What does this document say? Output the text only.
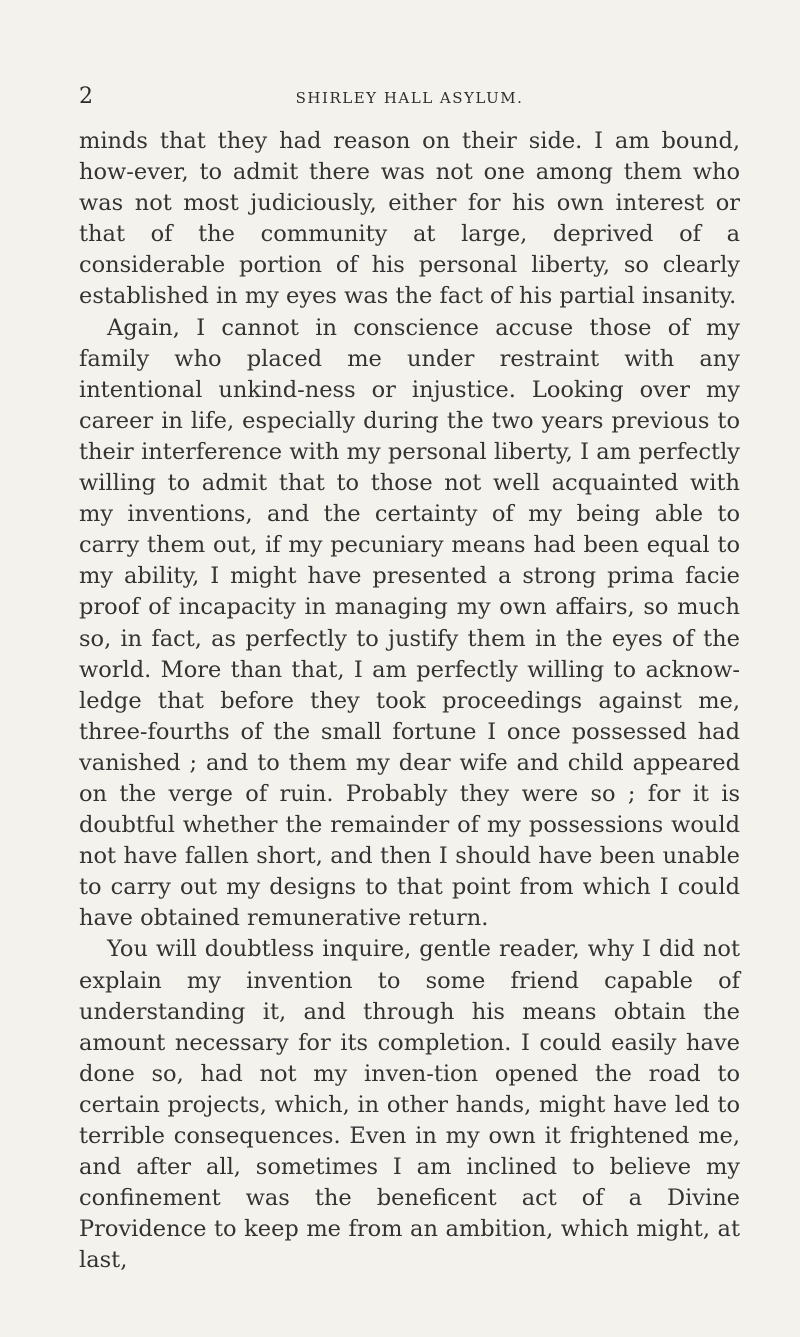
2	SHIRLEY HALL ASYLUM.

minds that they had reason on their side. I am bound, how-ever, to admit there was not one among them who was not most judiciously, either for his own interest or that of the community at large, deprived of a considerable portion of his personal liberty, so clearly established in my eyes was the fact of his partial insanity.

Again, I cannot in conscience accuse those of my family who placed me under restraint with any intentional unkind-ness or injustice. Looking over my career in life, especially during the two years previous to their interference with my personal liberty, I am perfectly willing to admit that to those not well acquainted with my inventions, and the certainty of my being able to carry them out, if my pecuniary means had been equal to my ability, I might have presented a strong prima facie proof of incapacity in managing my own affairs, so much so, in fact, as perfectly to justify them in the eyes of the world. More than that, I am perfectly willing to acknow-ledge that before they took proceedings against me, three-fourths of the small fortune I once possessed had vanished ; and to them my dear wife and child appeared on the verge of ruin. Probably they were so ; for it is doubtful whether the remainder of my possessions would not have fallen short, and then I should have been unable to carry out my designs to that point from which I could have obtained remunerative return.

You will doubtless inquire, gentle reader, why I did not explain my invention to some friend capable of understanding it, and through his means obtain the amount necessary for its completion. I could easily have done so, had not my inven-tion opened the road to certain projects, which, in other hands, might have led to terrible consequences. Even in my own it frightened me, and after all, sometimes I am inclined to believe my confinement was the beneficent act of a Divine Providence to keep me from an ambition, which might, at last,
